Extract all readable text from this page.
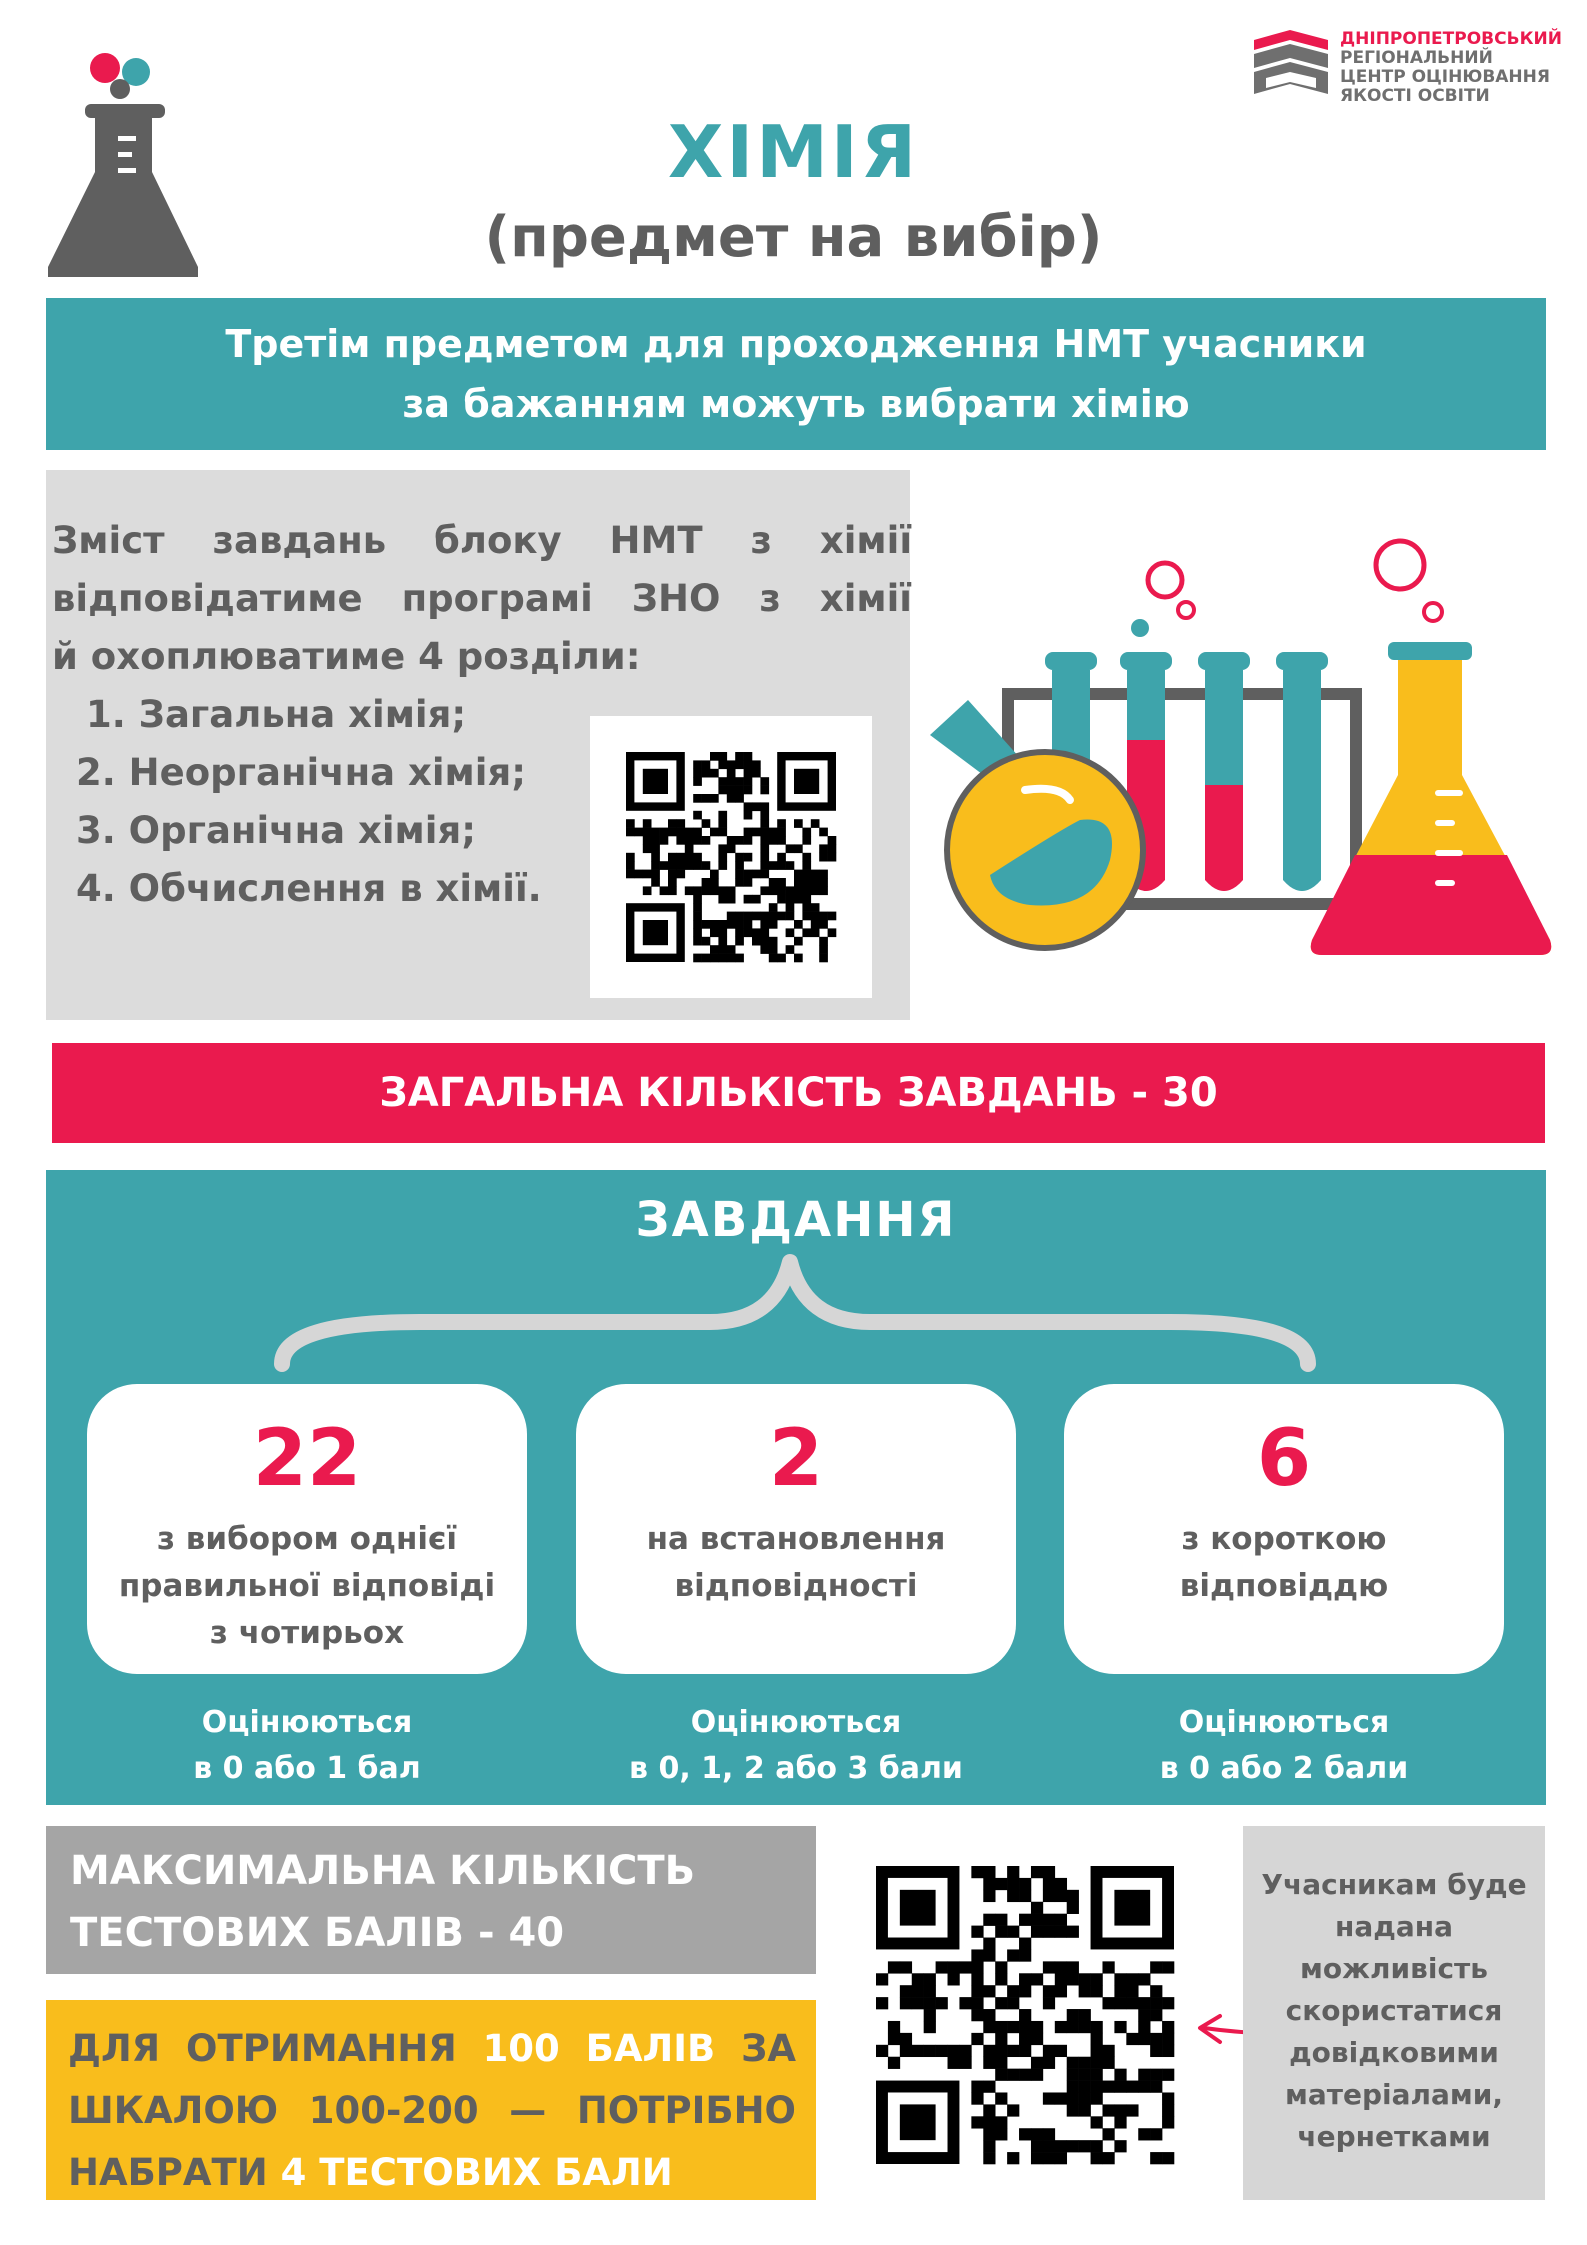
ДНІПРОПЕТРОВСЬКИЙ
РЕГІОНАЛЬНИЙ
ЦЕНТР ОЦІНЮВАННЯ
ЯКОСТІ ОСВІТИ
ХІМІЯ
(предмет на вибір)
Третім предметом для проходження НМТ учасники
за бажанням можуть вибрати хімію
Зміст завдань блоку НМТ з хімії
відповідатиме програмі ЗНО з хімії
й охоплюватиме 4 розділи:
1. Загальна хімія;
2. Неорганічна хімія;
3. Органічна хімія;
4. Обчислення в хімії.
ЗАГАЛЬНА КІЛЬКІСТЬ ЗАВДАНЬ - 30
ЗАВДАННЯ
22
з вибором однієї правильної відповіді з чотирьох
2
на встановлення відповідності
6
з короткою відповіддю
Оцінюються
в 0 або 1 бал
Оцінюються
в 0, 1, 2 або 3 бали
Оцінюються
в 0 або 2 бали
МАКСИМАЛЬНА КІЛЬКІСТЬ
ТЕСТОВИХ БАЛІВ - 40
ДЛЯ ОТРИМАННЯ 100 БАЛІВ ЗА ШКАЛОЮ 100-200 — ПОТРІБНО НАБРАТИ 4 ТЕСТОВИХ БАЛИ
Учасникам буде
надана
можливість
скористатися
довідковими
матеріалами,
чернетками
